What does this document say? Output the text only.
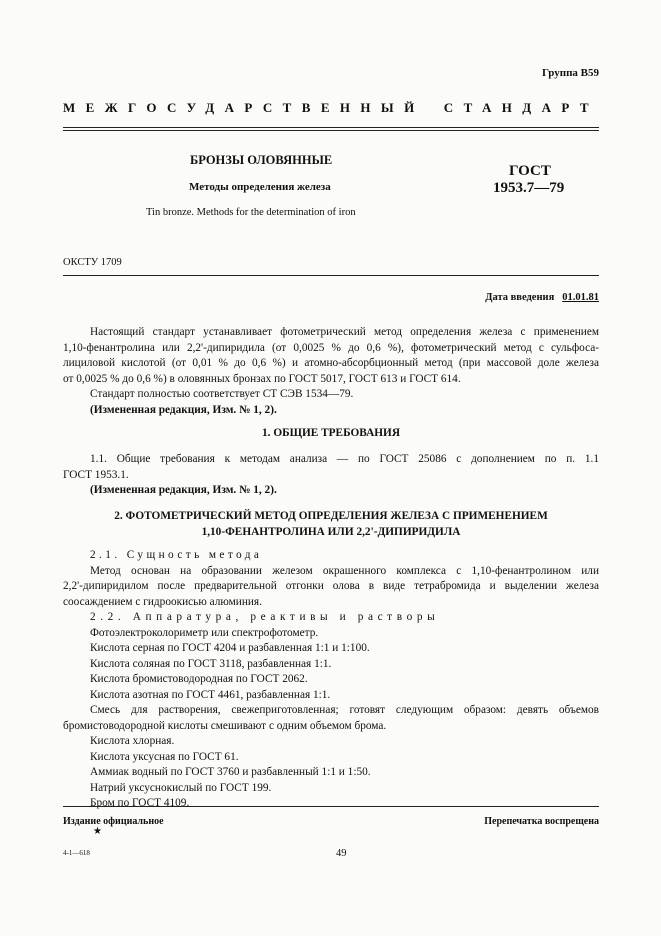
Группа В59
МЕЖГОСУДАРСТВЕННЫЙ СТАНДАРТ
БРОНЗЫ ОЛОВЯННЫЕ
Методы определения железа
ГОСТ
1953.7—79
Tin bronze. Methods for the determination of iron
ОКСТУ 1709
Дата введения 01.01.81
Настоящий стандарт устанавливает фотометрический метод определения железа с применением
1,10-фенантролина или 2,2'-дипиридила (от 0,0025 % до 0,6 %), фотометрический метод с сульфоса-
лициловой кислотой (от 0,01 % до 0,6 %) и атомно-абсорбционный метод (при массовой доле железа
от 0,0025 % до 0,6 %) в оловянных бронзах по ГОСТ 5017, ГОСТ 613 и ГОСТ 614.
Стандарт полностью соответствует СТ СЭВ 1534—79.
(Измененная редакция, Изм. № 1, 2).
1. ОБЩИЕ ТРЕБОВАНИЯ
1.1. Общие требования к методам анализа — по ГОСТ 25086 с дополнением по п. 1.1
ГОСТ 1953.1.
(Измененная редакция, Изм. № 1, 2).
2. ФОТОМЕТРИЧЕСКИЙ МЕТОД ОПРЕДЕЛЕНИЯ ЖЕЛЕЗА С ПРИМЕНЕНИЕМ
1,10-ФЕНАНТРОЛИНА ИЛИ 2,2'-ДИПИРИДИЛА
2.1. Сущность метода
Метод основан на образовании железом окрашенного комплекса с 1,10-фенантролином или
2,2'-дипиридилом после предварительной отгонки олова в виде тетрабромида и выделении железа
соосаждением с гидроокисью алюминия.
2.2. Аппаратура, реактивы и растворы
Фотоэлектроколориметр или спектрофотометр.
Кислота серная по ГОСТ 4204 и разбавленная 1:1 и 1:100.
Кислота соляная по ГОСТ 3118, разбавленная 1:1.
Кислота бромистоводородная по ГОСТ 2062.
Кислота азотная по ГОСТ 4461, разбавленная 1:1.
Смесь для растворения, свежеприготовленная; готовят следующим образом: девять объемов
бромистоводородной кислоты смешивают с одним объемом брома.
Кислота хлорная.
Кислота уксусная по ГОСТ 61.
Аммиак водный по ГОСТ 3760 и разбавленный 1:1 и 1:50.
Натрий уксуснокислый по ГОСТ 199.
Бром по ГОСТ 4109.
Издание официальное	Перепечатка воспрещена
★
4-1—618	49
